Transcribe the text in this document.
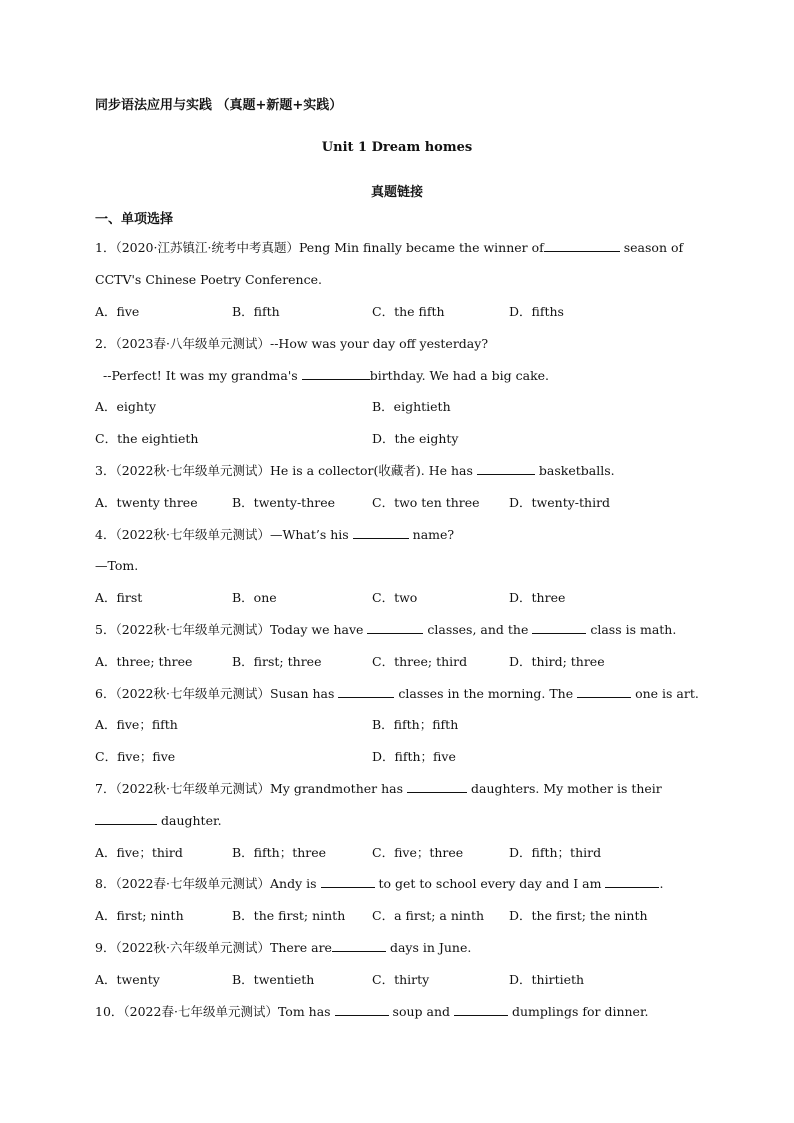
同步语法应用与实践 （真题+新题+实践）
Unit 1 Dream homes
真题链接
一、单项选择
1．（2020·江苏镇江·统考中考真题）Peng Min finally became the winner of	season of
CCTV's Chinese Poetry Conference.
A．five	B．fifth	C．the fifth	D．fifths
2．（2023春·八年级单元测试）--How was your day off yesterday?
--Perfect! It was my grandma's	birthday. We had a big cake.
A．eighty	B．eightieth
C．the eightieth	D．the eighty
3．（2022秋·七年级单元测试）He is a collector(收藏者). He has	basketballs.
A．twenty three	B．twenty-three	C．two ten three D．twenty-third
4．（2022秋·七年级单元测试）—What’s his	name?
—Tom.
A．first	B．one	C．two	D．three
5．（2022秋·七年级单元测试）Today we have	classes, and the	class is math.
A．three; three	B．first; three	C．three; third	D．third; three
6．（2022秋·七年级单元测试）Susan has	classes in the morning. The	one is art.
A．five；fifth	B．fifth；fifth
C．five；five	D．fifth；five
7．（2022秋·七年级单元测试）My grandmother has	daughters. My mother is their
daughter.
A．five；third	B．fifth；three	C．five；three	D．fifth；third
8．（2022春·七年级单元测试）Andy is	to get to school every day and I am	.
A．first; ninth	B．the first; ninth C．a first; a ninth D．the first; the ninth
9．（2022秋·六年级单元测试）There are	days in June.
A．twenty	B．twentieth	C．thirty	D．thirtieth
10．（2022春·七年级单元测试）Tom has	soup and	dumplings for dinner.
